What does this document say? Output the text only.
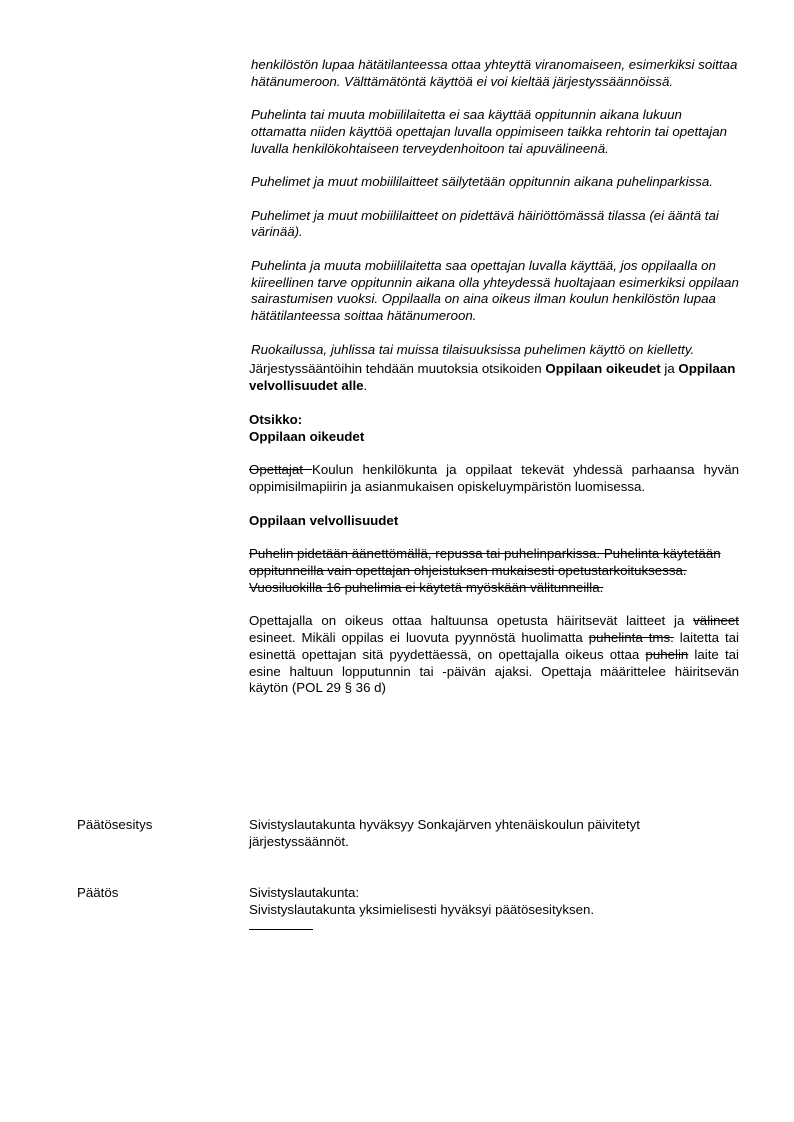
henkilöstön lupaa hätätilanteessa ottaa yhteyttä viranomaiseen, esimerkiksi soittaa hätänumeroon. Välttämätöntä käyttöä ei voi kieltää järjestyssäännöissä.

Puhelinta tai muuta mobiililaitetta ei saa käyttää oppitunnin aikana lukuun ottamatta niiden käyttöä opettajan luvalla oppimiseen taikka rehtorin tai opettajan luvalla henkilökohtaiseen terveydenhoitoon tai apuvälineenä.

Puhelimet ja muut mobiililaitteet säilytetään oppitunnin aikana puhelinparkissa.

Puhelimet ja muut mobiililaitteet on pidettävä häiriöttömässä tilassa (ei ääntä tai värinää).

Puhelinta ja muuta mobiililaitetta saa opettajan luvalla käyttää, jos oppilaalla on kiireellinen tarve oppitunnin aikana olla yhteydessä huoltajaan esimerkiksi oppilaan sairastumisen vuoksi. Oppilaalla on aina oikeus ilman koulun henkilöstön lupaa hätätilanteessa soittaa hätänumeroon.

Ruokailussa, juhlissa tai muissa tilaisuuksissa puhelimen käyttö on kielletty.

Järjestyssääntöihin tehdään muutoksia otsikoiden Oppilaan oikeudet ja Oppilaan velvollisuudet alle.

Otsikko:

Oppilaan oikeudet

Opettajat Koulun henkilökunta ja oppilaat tekevät yhdessä parhaansa hyvän oppimisilmapiirin ja asianmukaisen opiskeluympäristön luomisessa.

Oppilaan velvollisuudet

Puhelin pidetään äänettömällä, repussa tai puhelinparkissa. Puhelinta käytetään oppitunneilla vain opettajan ohjeistuksen mukaisesti opetustarkoituksessa. Vuosiluokilla 16 puhelimia ei käytetä myöskään välitunneilla.

Opettajalla on oikeus ottaa haltuunsa opetusta häiritsevät laitteet ja välineet esineet. Mikäli oppilas ei luovuta pyynnöstä huolimatta puhelinta tms. laitetta tai esinettä opettajan sitä pyydettäessä, on opettajalla oikeus ottaa puhelin laite tai esine haltuun lopputunnin tai -päivän ajaksi. Opettaja määrittelee häiritsevän käytön (POL 29 § 36 d)

Päätösesitys	Sivistyslautakunta hyväksyy Sonkajärven yhtenäiskoulun päivitetyt järjestyssäännöt.
Päätös	Sivistyslautakunta:
Sivistyslautakunta yksimielisesti hyväksyi päätösesityksen.
